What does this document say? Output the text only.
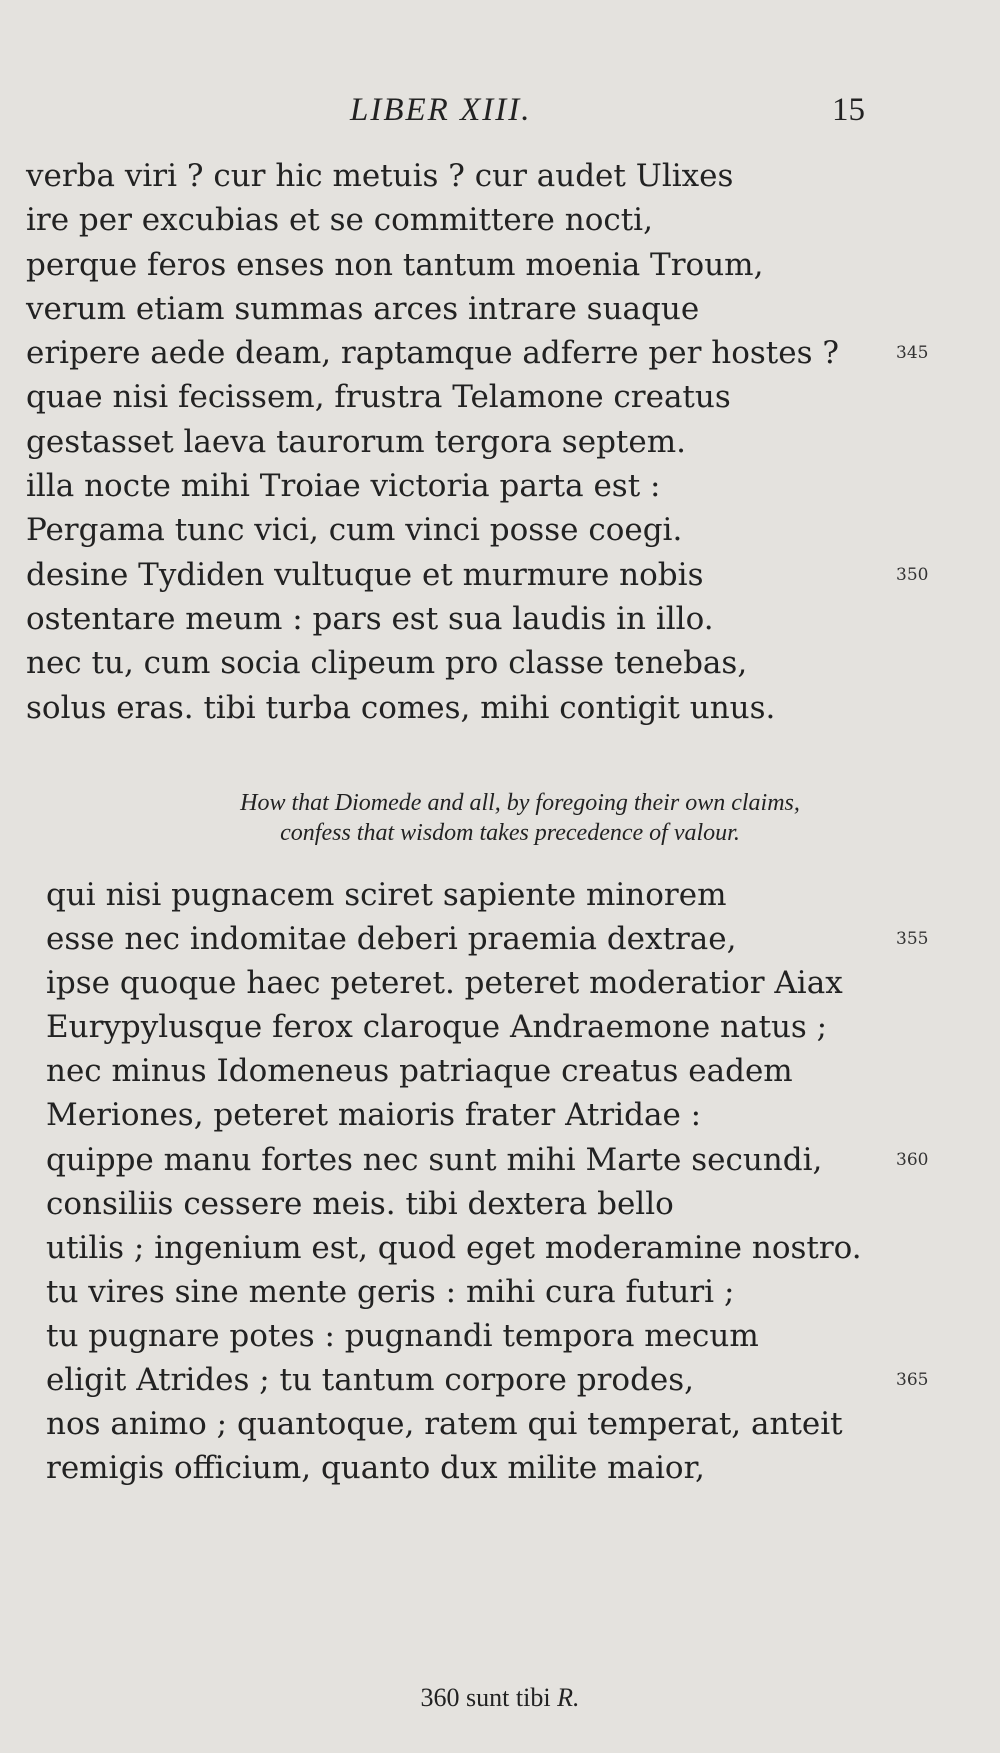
LIBER XIII.	15
verba viri ? cur hic metuis ? cur audet Ulixes
ire per excubias et se committere nocti,
perque feros enses non tantum moenia Troum,
verum etiam summas arces intrare suaque
eripere aede deam, raptamque adferre per hostes ?	345
quae nisi fecissem, frustra Telamone creatus
gestasset laeva taurorum tergora septem.
illa nocte mihi Troiae victoria parta est :
Pergama tunc vici, cum vinci posse coegi.
desine Tydiden vultuque et murmure nobis	350
ostentare meum : pars est sua laudis in illo.
nec tu, cum socia clipeum pro classe tenebas,
solus eras. tibi turba comes, mihi contigit unus.
How that Diomede and all, by foregoing their own claims,
confess that wisdom takes precedence of valour.
qui nisi pugnacem sciret sapiente minorem
esse nec indomitae deberi praemia dextrae,	355
ipse quoque haec peteret. peteret moderatior Aiax
Eurypylusque ferox claroque Andraemone natus ;
nec minus Idomeneus patriaque creatus eadem
Meriones, peteret maioris frater Atridae :
quippe manu fortes nec sunt mihi Marte secundi,	360
consiliis cessere meis. tibi dextera bello
utilis ; ingenium est, quod eget moderamine nostro.
tu vires sine mente geris : mihi cura futuri ;
tu pugnare potes : pugnandi tempora mecum
eligit Atrides ; tu tantum corpore prodes,	365
nos animo ; quantoque, ratem qui temperat, anteit
remigis officium, quanto dux milite maior,
360 sunt tibi R.
